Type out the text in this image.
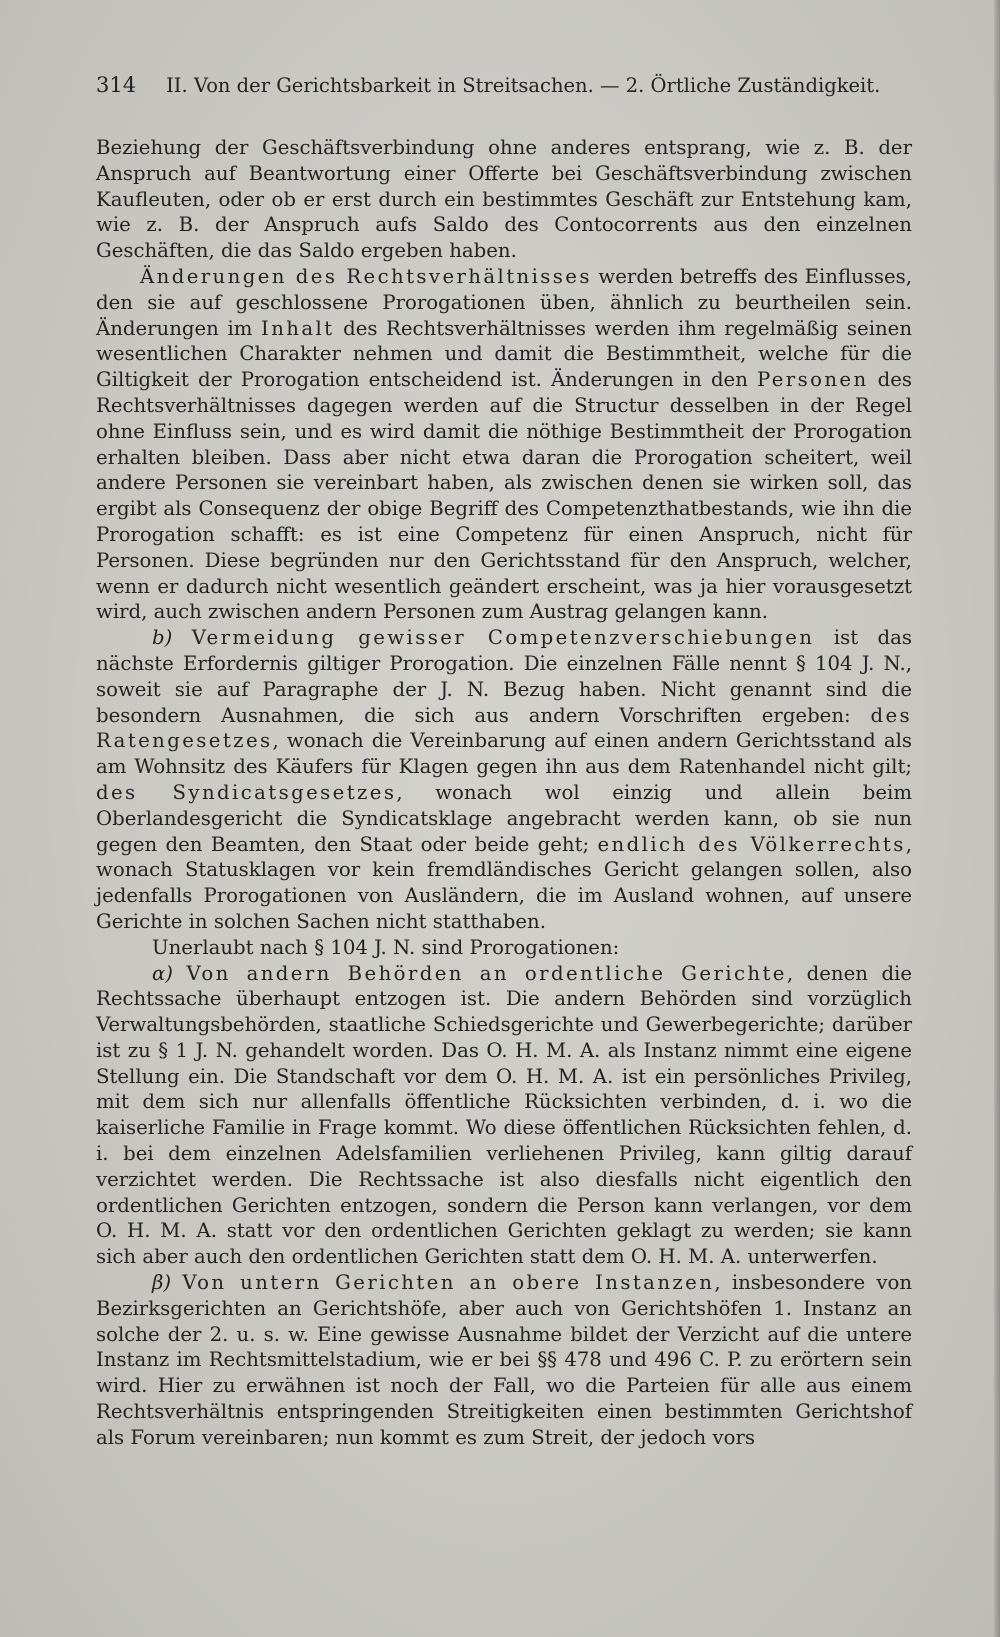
314 II. Von der Gerichtsbarkeit in Streitsachen. — 2. Örtliche Zuständigkeit.

Beziehung der Geschäftsverbindung ohne anderes entsprang, wie z. B. der Anspruch auf Beantwortung einer Offerte bei Geschäftsverbindung zwischen Kaufleuten, oder ob er erst durch ein bestimmtes Geschäft zur Entstehung kam, wie z. B. der Anspruch aufs Saldo des Contocorrents aus den einzelnen Geschäften, die das Saldo ergeben haben.

Änderungen des Rechtsverhältnisses werden betreffs des Einflusses, den sie auf geschlossene Prorogationen üben, ähnlich zu beurtheilen sein. Änderungen im Inhalt des Rechtsverhältnisses werden ihm regelmäßig seinen wesentlichen Charakter nehmen und damit die Bestimmtheit, welche für die Giltigkeit der Prorogation entscheidend ist. Änderungen in den Personen des Rechtsverhältnisses dagegen werden auf die Structur desselben in der Regel ohne Einfluss sein, und es wird damit die nöthige Bestimmtheit der Prorogation erhalten bleiben. Dass aber nicht etwa daran die Prorogation scheitert, weil andere Personen sie vereinbart haben, als zwischen denen sie wirken soll, das ergibt als Consequenz der obige Begriff des Competenzthatbestands, wie ihn die Prorogation schafft: es ist eine Competenz für einen Anspruch, nicht für Personen. Diese begründen nur den Gerichtsstand für den Anspruch, welcher, wenn er dadurch nicht wesentlich geändert erscheint, was ja hier vorausgesetzt wird, auch zwischen andern Personen zum Austrag gelangen kann.

b) Vermeidung gewisser Competenzverschiebungen ist das nächste Erfordernis giltiger Prorogation. Die einzelnen Fälle nennt § 104 J. N., soweit sie auf Paragraphe der J. N. Bezug haben. Nicht genannt sind die besondern Ausnahmen, die sich aus andern Vorschriften ergeben: des Ratengesetzes, wonach die Vereinbarung auf einen andern Gerichtsstand als am Wohnsitz des Käufers für Klagen gegen ihn aus dem Ratenhandel nicht gilt; des Syndicatsgesetzes, wonach wol einzig und allein beim Oberlandesgericht die Syndicatsklage angebracht werden kann, ob sie nun gegen den Beamten, den Staat oder beide geht; endlich des Völkerrechts, wonach Statusklagen vor kein fremdländisches Gericht gelangen sollen, also jedenfalls Prorogationen von Ausländern, die im Ausland wohnen, auf unsere Gerichte in solchen Sachen nicht statthaben.

Unerlaubt nach § 104 J. N. sind Prorogationen:

α) Von andern Behörden an ordentliche Gerichte, denen die Rechtssache überhaupt entzogen ist. Die andern Behörden sind vorzüglich Verwaltungsbehörden, staatliche Schiedsgerichte und Gewerbegerichte; darüber ist zu § 1 J. N. gehandelt worden. Das O. H. M. A. als Instanz nimmt eine eigene Stellung ein. Die Standschaft vor dem O. H. M. A. ist ein persönliches Privileg, mit dem sich nur allenfalls öffentliche Rücksichten verbinden, d. i. wo die kaiserliche Familie in Frage kommt. Wo diese öffentlichen Rücksichten fehlen, d. i. bei dem einzelnen Adelsfamilien verliehenen Privileg, kann giltig darauf verzichtet werden. Die Rechtssache ist also diesfalls nicht eigentlich den ordentlichen Gerichten entzogen, sondern die Person kann verlangen, vor dem O. H. M. A. statt vor den ordentlichen Gerichten geklagt zu werden; sie kann sich aber auch den ordentlichen Gerichten statt dem O. H. M. A. unterwerfen.

β) Von untern Gerichten an obere Instanzen, insbesondere von Bezirksgerichten an Gerichtshöfe, aber auch von Gerichtshöfen 1. Instanz an solche der 2. u. s. w. Eine gewisse Ausnahme bildet der Verzicht auf die untere Instanz im Rechtsmittelstadium, wie er bei §§ 478 und 496 C. P. zu erörtern sein wird. Hier zu erwähnen ist noch der Fall, wo die Parteien für alle aus einem Rechtsverhältnis entspringenden Streitigkeiten einen bestimmten Gerichtshof als Forum vereinbaren; nun kommt es zum Streit, der jedoch vors
